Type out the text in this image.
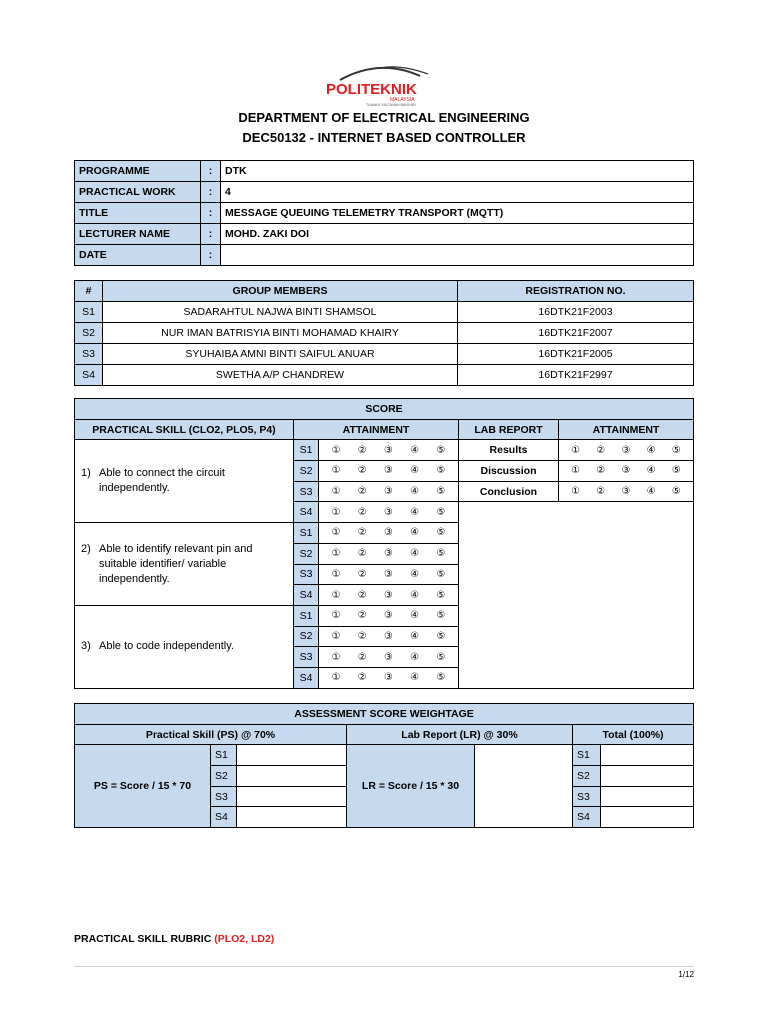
POLITEKNIK
MALAYSIA
TUANKU SULTANAH BAHIYAH
DEPARTMENT OF ELECTRICAL ENGINEERING
DEC50132 - INTERNET BASED CONTROLLER
PROGRAMME	:	DTK
PRACTICAL WORK	:	4
TITLE	:	MESSAGE QUEUING TELEMETRY TRANSPORT (MQTT)
LECTURER NAME	:	MOHD. ZAKI DOI
DATE	:	
#	GROUP MEMBERS	REGISTRATION NO.
S1	SADARAHTUL NAJWA BINTI SHAMSOL	16DTK21F2003
S2	NUR IMAN BATRISYIA BINTI MOHAMAD KHAIRY	16DTK21F2007
S3	SYUHAIBA AMNI BINTI SAIFUL ANUAR	16DTK21F2005
S4	SWETHA A/P CHANDREW	16DTK21F2997
SCORE				
PRACTICAL SKILL (CLO2, PLO5, P4)	ATTAINMENT		LAB REPORT	ATTAINMENT
1) Able to connect the circuit independently.	S1	① ② ③ ④ ⑤	Results	① ② ③ ④ ⑤

	S2	① ② ③ ④ ⑤	Discussion	① ② ③ ④ ⑤

	S3	① ② ③ ④ ⑤	Conclusion	① ② ③ ④ ⑤

	S4	① ② ③ ④ ⑤		

2) Able to identify relevant pin and suitable identifier/ variable independently.	S1	① ② ③ ④ ⑤		

	S2	① ② ③ ④ ⑤		

	S3	① ② ③ ④ ⑤		

	S4	① ② ③ ④ ⑤		

3) Able to code independently.	S1	① ② ③ ④ ⑤		

	S2	① ② ③ ④ ⑤		

	S3	① ② ③ ④ ⑤		

	S4	① ② ③ ④ ⑤		
ASSESSMENT SCORE WEIGHTAGE						
Practical Skill (PS) @ 70%			Lab Report (LR) @ 30%		Total (100%)	
PS = Score / 15 * 70	S1		LR = Score / 15 * 30		S1	
	S2				S2	
	S3				S3	
	S4				S4	
PRACTICAL SKILL RUBRIC (PLO2, LD2)
1/12
